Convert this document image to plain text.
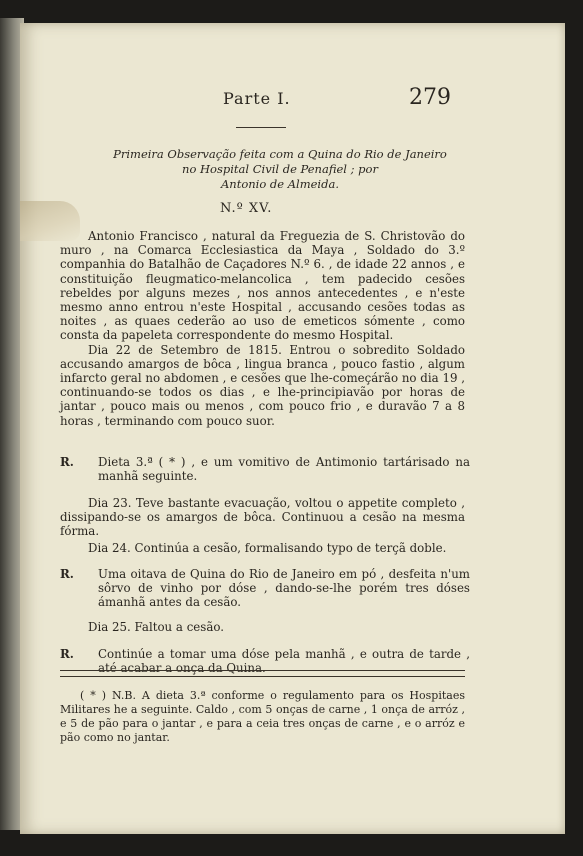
Parte I.	279
Primeira Observação feita com a Quina do Rio de Janeiro
no Hospital Civil de Penafiel ; por
Antonio de Almeida.
N.º XV.

Antonio Francisco , natural da Freguezia de S. Christovão do muro , na Comarca Ecclesiastica da Maya , Soldado do 3.º companhia do Batalhão de Caçadores N.º 6. , de idade 22 annos , e constituição fleugmatico-melancolica , tem padecido cesões rebeldes por alguns mezes , nos annos antecedentes , e n'este mesmo anno entrou n'este Hospital , accusando cesões todas as noites , as quaes cederão ao uso de emeticos sómente , como consta da papeleta correspondente do mesmo Hospital.

Dia 22 de Setembro de 1815. Entrou o sobredito Soldado accusando amargos de bôca , lingua branca , pouco fastio , algum infarcto geral no abdomen , e cesões que lhe-começárão no dia 19 , continuando-se todos os dias , e lhe-principiavão por horas de jantar , pouco mais ou menos , com pouco frio , e duravão 7 a 8 horas , terminando com pouco suor.

R. Dieta 3.ª ( * ) , e um vomitivo de Antimonio tartárisado na manhã seguinte.

Dia 23. Teve bastante evacuação, voltou o appetite completo , dissipando-se os amargos de bôca. Continuou a cesão na mesma fórma.

Dia 24. Continúa a cesão, formalisando typo de terçã doble.

R. Uma oitava de Quina do Rio de Janeiro em pó , desfeita n'um sôrvo de vinho por dóse , dando-se-lhe porém tres dóses ámanhã antes da cesão.

Dia 25. Faltou a cesão.

R. Continúe a tomar uma dóse pela manhã , e outra de tarde , até acabar a onça da Quina.

( * ) N.B. A dieta 3.ª conforme o regulamento para os Hospitaes Militares he a seguinte. Caldo , com 5 onças de carne , 1 onça de arróz , e 5 de pão para o jantar , e para a ceia tres onças de carne , e o arróz e pão como no jantar.
